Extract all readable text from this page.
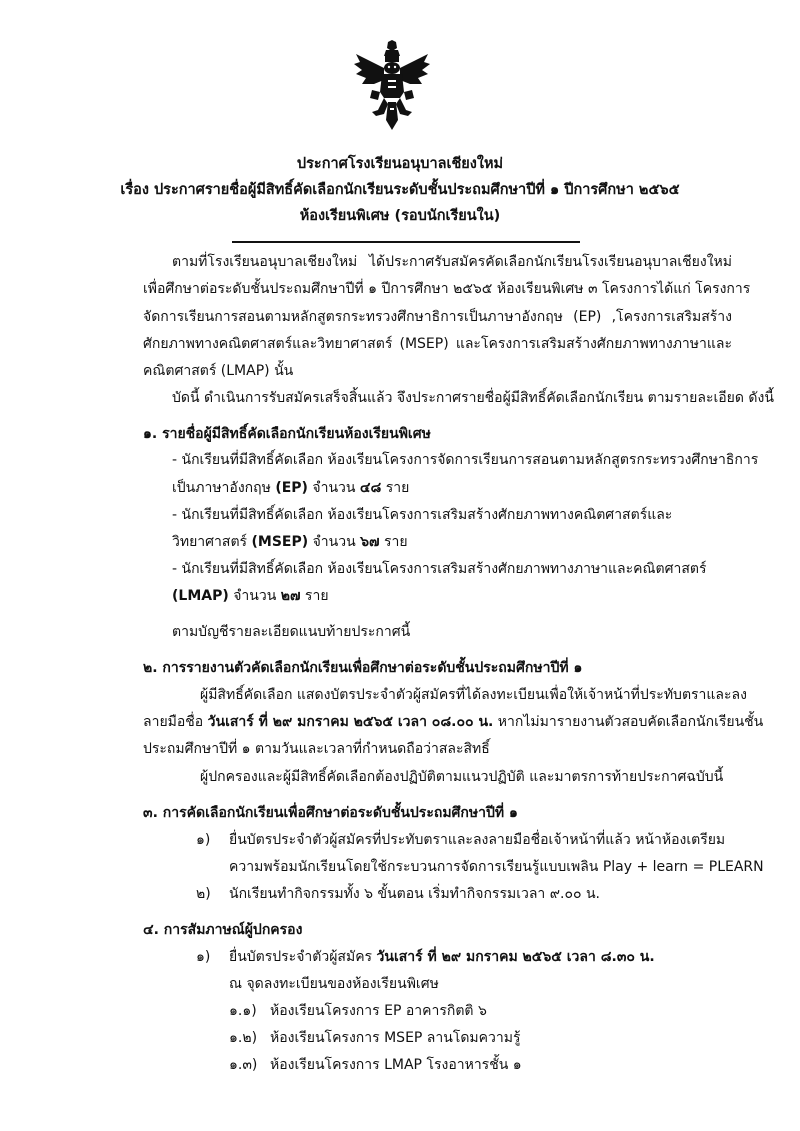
ประกาศโรงเรียนอนุบาลเชียงใหม่
เรื่อง ประกาศรายชื่อผู้มีสิทธิ์คัดเลือกนักเรียนระดับชั้นประถมศึกษาปีที่ ๑ ปีการศึกษา ๒๕๖๕
ห้องเรียนพิเศษ (รอบนักเรียนใน)
ตามที่โรงเรียนอนุบาลเชียงใหม่ ได้ประกาศรับสมัครคัดเลือกนักเรียนโรงเรียนอนุบาลเชียงใหม่
เพื่อศึกษาต่อระดับชั้นประถมศึกษาปีที่ ๑ ปีการศึกษา ๒๕๖๕ ห้องเรียนพิเศษ ๓ โครงการได้แก่ โครงการ
จัดการเรียนการสอนตามหลักสูตรกระทรวงศึกษาธิการเป็นภาษาอังกฤษ (EP) ,โครงการเสริมสร้าง
ศักยภาพทางคณิตศาสตร์และวิทยาศาสตร์ (MSEP) และโครงการเสริมสร้างศักยภาพทางภาษาและ
คณิตศาสตร์ (LMAP) นั้น
บัดนี้ ดำเนินการรับสมัครเสร็จสิ้นแล้ว จึงประกาศรายชื่อผู้มีสิทธิ์คัดเลือกนักเรียน ตามรายละเอียด ดังนี้
๑. รายชื่อผู้มีสิทธิ์คัดเลือกนักเรียนห้องเรียนพิเศษ
- นักเรียนที่มีสิทธิ์คัดเลือก ห้องเรียนโครงการจัดการเรียนการสอนตามหลักสูตรกระทรวงศึกษาธิการ
เป็นภาษาอังกฤษ (EP) จำนวน ๔๘ ราย
- นักเรียนที่มีสิทธิ์คัดเลือก ห้องเรียนโครงการเสริมสร้างศักยภาพทางคณิตศาสตร์และ
วิทยาศาสตร์ (MSEP) จำนวน ๖๗ ราย
- นักเรียนที่มีสิทธิ์คัดเลือก ห้องเรียนโครงการเสริมสร้างศักยภาพทางภาษาและคณิตศาสตร์
(LMAP) จำนวน ๒๗ ราย
ตามบัญชีรายละเอียดแนบท้ายประกาศนี้
๒. การรายงานตัวคัดเลือกนักเรียนเพื่อศึกษาต่อระดับชั้นประถมศึกษาปีที่ ๑
ผู้มีสิทธิ์คัดเลือก แสดงบัตรประจำตัวผู้สมัครที่ได้ลงทะเบียนเพื่อให้เจ้าหน้าที่ประทับตราและลง
ลายมือชื่อ วันเสาร์ ที่ ๒๙ มกราคม ๒๕๖๕ เวลา ๐๘.๐๐ น. หากไม่มารายงานตัวสอบคัดเลือกนักเรียนชั้น
ประถมศึกษาปีที่ ๑ ตามวันและเวลาที่กำหนดถือว่าสละสิทธิ์
ผู้ปกครองและผู้มีสิทธิ์คัดเลือกต้องปฏิบัติตามแนวปฏิบัติ และมาตรการท้ายประกาศฉบับนี้
๓. การคัดเลือกนักเรียนเพื่อศึกษาต่อระดับชั้นประถมศึกษาปีที่ ๑
๑) ยื่นบัตรประจำตัวผู้สมัครที่ประทับตราและลงลายมือชื่อเจ้าหน้าที่แล้ว หน้าห้องเตรียม
ความพร้อมนักเรียนโดยใช้กระบวนการจัดการเรียนรู้แบบเพลิน Play + learn = PLEARN
๒) นักเรียนทำกิจกรรมทั้ง ๖ ขั้นตอน เริ่มทำกิจกรรมเวลา ๙.๐๐ น.
๔. การสัมภาษณ์ผู้ปกครอง
๑) ยื่นบัตรประจำตัวผู้สมัคร วันเสาร์ ที่ ๒๙ มกราคม ๒๕๖๕ เวลา ๘.๓๐ น.
ณ จุดลงทะเบียนของห้องเรียนพิเศษ
๑.๑) ห้องเรียนโครงการ EP อาคารกิตติ ๖
๑.๒) ห้องเรียนโครงการ MSEP ลานโดมความรู้
๑.๓) ห้องเรียนโครงการ LMAP โรงอาหารชั้น ๑
